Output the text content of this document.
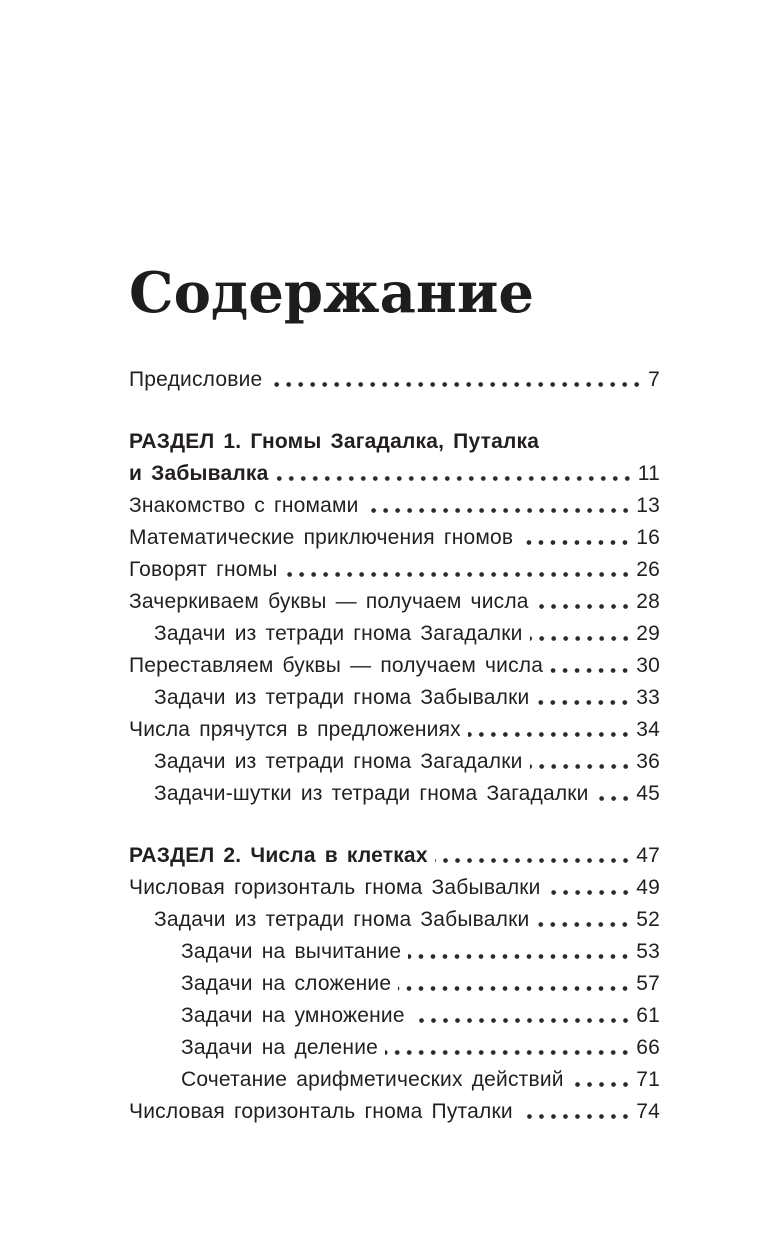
Содержание
Предисловие	7
РАЗДЕЛ 1. Гномы Загадалка, Путалка
и Забывалка	11
Знакомство с гномами	13
Математические приключения гномов	16
Говорят гномы	26
Зачеркиваем буквы — получаем числа	28
Задачи из тетради гнома Загадалки	29
Переставляем буквы — получаем числа	30
Задачи из тетради гнома Забывалки	33
Числа прячутся в предложениях	34
Задачи из тетради гнома Загадалки	36
Задачи-шутки из тетради гнома Загадалки 45
РАЗДЕЛ 2. Числа в клетках	47
Числовая горизонталь гнома Забывалки	49
Задачи из тетради гнома Забывалки	52
Задачи на вычитание	53
Задачи на сложение	57
Задачи на умножение	61
Задачи на деление	66
Сочетание арифметических действий	71
Числовая горизонталь гнома Путалки	74
